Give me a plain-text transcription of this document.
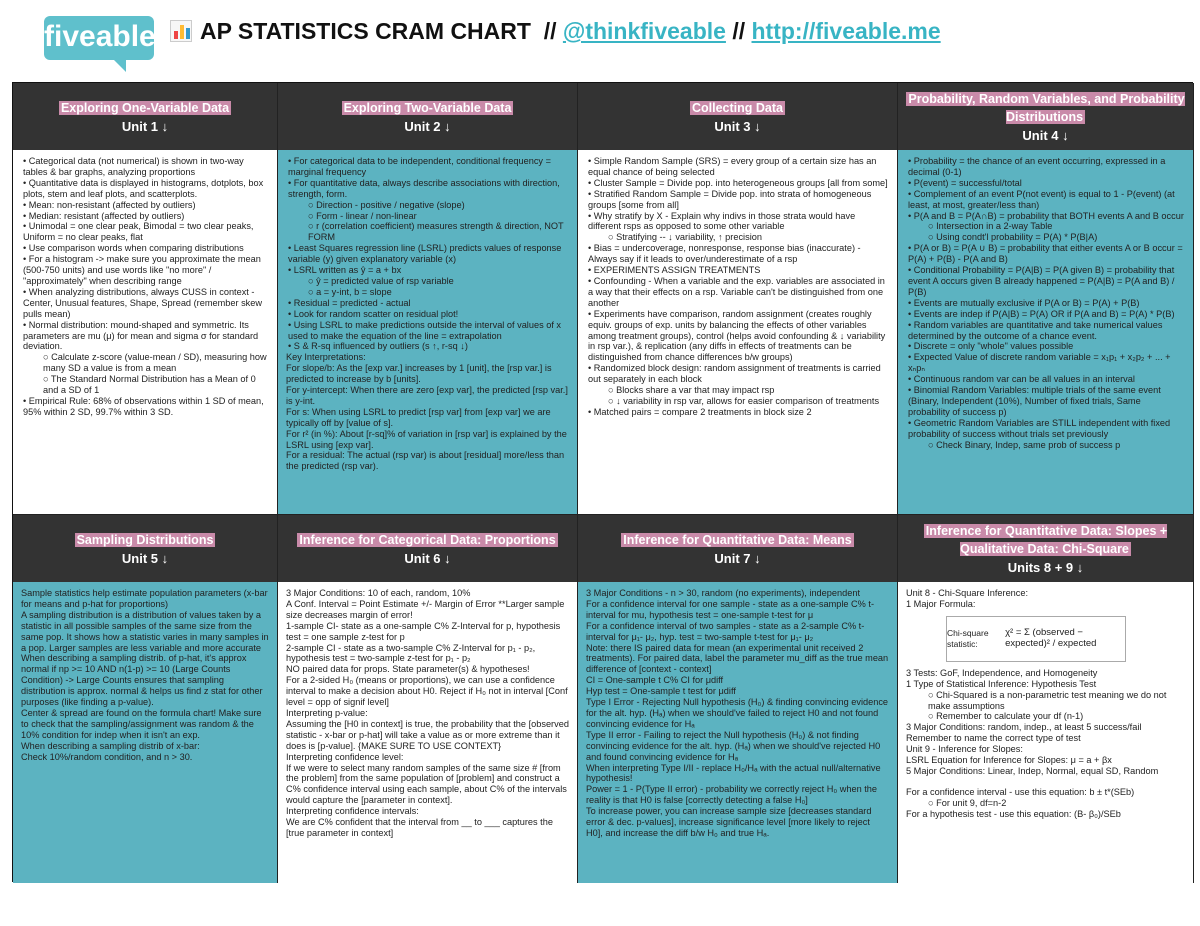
fiveable	AP STATISTICS CRAM CHART // @thinkfiveable // http://fiveable.me
Exploring One-Variable Data
Unit 1 ↓

• Categorical data (not numerical) is shown in two-way tables & bar graphs, analyzing proportions

• Quantitative data is displayed in histograms, dotplots, box plots, stem and leaf plots, and scatterplots.

• Mean: non-resistant (affected by outliers)

• Median: resistant (affected by outliers)

• Unimodal = one clear peak, Bimodal = two clear peaks, Uniform = no clear peaks, flat

• Use comparison words when comparing distributions

• For a histogram -> make sure you approximate the mean (500-750 units) and use words like "no more" / "approximately" when describing range

• When analyzing distributions, always CUSS in context - Center, Unusual features, Shape, Spread (remember skew pulls mean)

• Normal distribution: mound-shaped and symmetric. Its parameters are mu (μ) for mean and sigma σ for standard deviation.

○ Calculate z-score (value-mean / SD), measuring how many SD a value is from a mean

○ The Standard Normal Distribution has a Mean of 0 and a SD of 1

• Empirical Rule: 68% of observations within 1 SD of mean, 95% within 2 SD, 99.7% within 3 SD.

Exploring Two-Variable Data
Unit 2 ↓

• For categorical data to be independent, conditional frequency = marginal frequency

• For quantitative data, always describe associations with direction, strength, form.

○ Direction - positive / negative (slope)

○ Form - linear / non-linear

○ r (correlation coefficient) measures strength & direction, NOT FORM

• Least Squares regression line (LSRL) predicts values of response variable (y) given explanatory variable (x)

• LSRL written as ŷ = a + bx

○ ŷ = predicted value of rsp variable

○ a = y-int, b = slope

• Residual = predicted - actual

• Look for random scatter on residual plot!

• Using LSRL to make predictions outside the interval of values of x used to make the equation of the line = extrapolation

• S & R-sq influenced by outliers (s ↑, r-sq ↓)

Key Interpretations:

For slope/b: As the [exp var.] increases by 1 [unit], the [rsp var.] is predicted to increase by b [units].

For y-intercept: When there are zero [exp var], the predicted [rsp var.] is y-int.

For s: When using LSRL to predict [rsp var] from [exp var] we are typically off by [value of s].

For r² (in %): About [r-sq]% of variation in [rsp var] is explained by the LSRL using [exp var].

For a residual: The actual (rsp var) is about [residual] more/less than the predicted (rsp var).

Collecting Data
Unit 3 ↓

• Simple Random Sample (SRS) = every group of a certain size has an equal chance of being selected

• Cluster Sample = Divide pop. into heterogeneous groups [all from some]

• Stratified Random Sample = Divide pop. into strata of homogeneous groups [some from all]

• Why stratify by X - Explain why indivs in those strata would have different rsps as opposed to some other variable

○ Stratifying -- ↓ variability, ↑ precision

• Bias = undercoverage, nonresponse, response bias (inaccurate) - Always say if it leads to over/underestimate of a rsp

• EXPERIMENTS ASSIGN TREATMENTS

• Confounding - When a variable and the exp. variables are associated in a way that their effects on a rsp. Variable can't be distinguished from one another

• Experiments have comparison, random assignment (creates roughly equiv. groups of exp. units by balancing the effects of other variables among treatment groups), control (helps avoid confounding & ↓ variability in rsp var.), & replication (any diffs in effects of treatments can be distinguished from chance differences b/w groups)

• Randomized block design: random assignment of treatments is carried out separately in each block

○ Blocks share a var that may impact rsp

○ ↓ variability in rsp var, allows for easier comparison of treatments

• Matched pairs = compare 2 treatments in block size 2

Probability, Random Variables, and Probability Distributions
Unit 4 ↓

• Probability = the chance of an event occurring, expressed in a decimal (0-1)

• P(event) = successful/total

• Complement of an event P(not event) is equal to 1 - P(event) (at least, at most, greater/less than)

• P(A and B = P(A∩B) = probability that BOTH events A and B occur

○ Intersection in a 2-way Table

○ Using condt'l probability = P(A) * P(B|A)

• P(A or B) = P(A ∪ B) = probability that either events A or B occur = P(A) + P(B) - P(A and B)

• Conditional Probability = P(A|B) = P(A given B) = probability that event A occurs given B already happened = P(A|B) = P(A and B) / P(B)

• Events are mutually exclusive if P(A or B) = P(A) + P(B)

• Events are indep if P(A|B) = P(A) OR if P(A and B) = P(A) * P(B)

• Random variables are quantitative and take numerical values determined by the outcome of a chance event.

• Discrete = only "whole" values possible

• Expected Value of discrete random variable = x₁p₁ + x₂p₂ + ... + xₙpₙ

• Continuous random var can be all values in an interval

• Binomial Random Variables: multiple trials of the same event (Binary, Independent (10%), Number of fixed trials, Same probability of success p)

• Geometric Random Variables are STILL independent with fixed probability of success without trials set previously

○ Check Binary, Indep, same prob of success p

Sampling Distributions
Unit 5 ↓

Sample statistics help estimate population parameters (x-bar for means and p-hat for proportions)

A sampling distribution is a distribution of values taken by a statistic in all possible samples of the same size from the same pop. It shows how a statistic varies in many samples in a pop. Larger samples are less variable and more accurate

When describing a sampling distrib. of p-hat, it's approx normal if np >= 10 AND n(1-p) >= 10 (Large Counts Condition) -> Large Counts ensures that sampling distribution is approx. normal & helps us find z stat for other purposes (like finding a p-value).

Center & spread are found on the formula chart! Make sure to check that the sampling/assignment was random & the 10% condition for indep when it isn't an exp.

When describing a sampling distrib of x-bar:

Check 10%/random condition, and n > 30.

Inference for Categorical Data: Proportions
Unit 6 ↓

3 Major Conditions: 10 of each, random, 10%

A Conf. Interval = Point Estimate +/- Margin of Error **Larger sample size decreases margin of error!

1-sample CI- state as a one-sample C% Z-Interval for p, hypothesis test = one sample z-test for p

2-sample CI - state as a two-sample C% Z-Interval for p₁ - p₂, hypothesis test = two-sample z-test for p₁ - p₂

NO paired data for props. State parameter(s) & hypotheses!

For a 2-sided H₀ (means or proportions), we can use a confidence interval to make a decision about H0. Reject if H₀ not in interval [Conf level = opp of signif level]

Interpreting p-value:

Assuming the [H0 in context] is true, the probability that the [observed statistic - x-bar or p-hat] will take a value as or more extreme than it does is [p-value]. {MAKE SURE TO USE CONTEXT}

Interpreting confidence level:

If we were to select many random samples of the same size # [from the problem] from the same population of [problem] and construct a C% confidence interval using each sample, about C% of the intervals would capture the [parameter in context].

Interpreting confidence intervals:

We are C% confident that the interval from __ to ___ captures the [true parameter in context]

Inference for Quantitative Data: Means
Unit 7 ↓

3 Major Conditions - n > 30, random (no experiments), independent

For a confidence interval for one sample - state as a one-sample C% t-interval for mu, hypothesis test = one-sample t-test for μ

For a confidence interval of two samples - state as a 2-sample C% t-interval for μ₁- μ₂, hyp. test = two-sample t-test for μ₁- μ₂

Note: there IS paired data for mean (an experimental unit received 2 treatments). For paired data, label the parameter mu_diff as the true mean difference of [context - context]

CI = One-sample t C% CI for μdiff

Hyp test = One-sample t test for μdiff

Type I Error - Rejecting Null hypothesis (H₀) & finding convincing evidence for the alt. hyp. (Hₐ) when we should've failed to reject H0 and not found convincing evidence for Hₐ

Type II error - Failing to reject the Null hypothesis (H₀) & not finding convincing evidence for the alt. hyp. (Hₐ) when we should've rejected H0 and found convincing evidence for Hₐ

When interpreting Type I/II - replace H₀/Hₐ with the actual null/alternative hypothesis!

Power = 1 - P(Type II error) - probability we correctly reject H₀ when the reality is that H0 is false [correctly detecting a false H₀]

To increase power, you can increase sample size [decreases standard error & dec. p-values], increase significance level [more likely to reject H0], and increase the diff b/w H₀ and true Hₐ.

Inference for Quantitative Data: Slopes + Qualitative Data: Chi-Square
Units 8 + 9 ↓

Unit 8 - Chi-Square Inference:

1 Major Formula:

Chi-square statistic:
χ² = Σ (observed − expected)² / expected

3 Tests: GoF, Independence, and Homogeneity

1 Type of Statistical Inference: Hypothesis Test

○ Chi-Squared is a non-parametric test meaning we do not make assumptions

○ Remember to calculate your df (n-1)

3 Major Conditions: random, indep., at least 5 success/fail

Remember to name the correct type of test

Unit 9 - Inference for Slopes:

LSRL Equation for Inference for Slopes: μ = a + βx

5 Major Conditions: Linear, Indep, Normal, equal SD, Random

For a confidence interval - use this equation: b ± t*(SEb)

○ For unit 9, df=n-2

For a hypothesis test - use this equation: (B- β₀)/SEb
